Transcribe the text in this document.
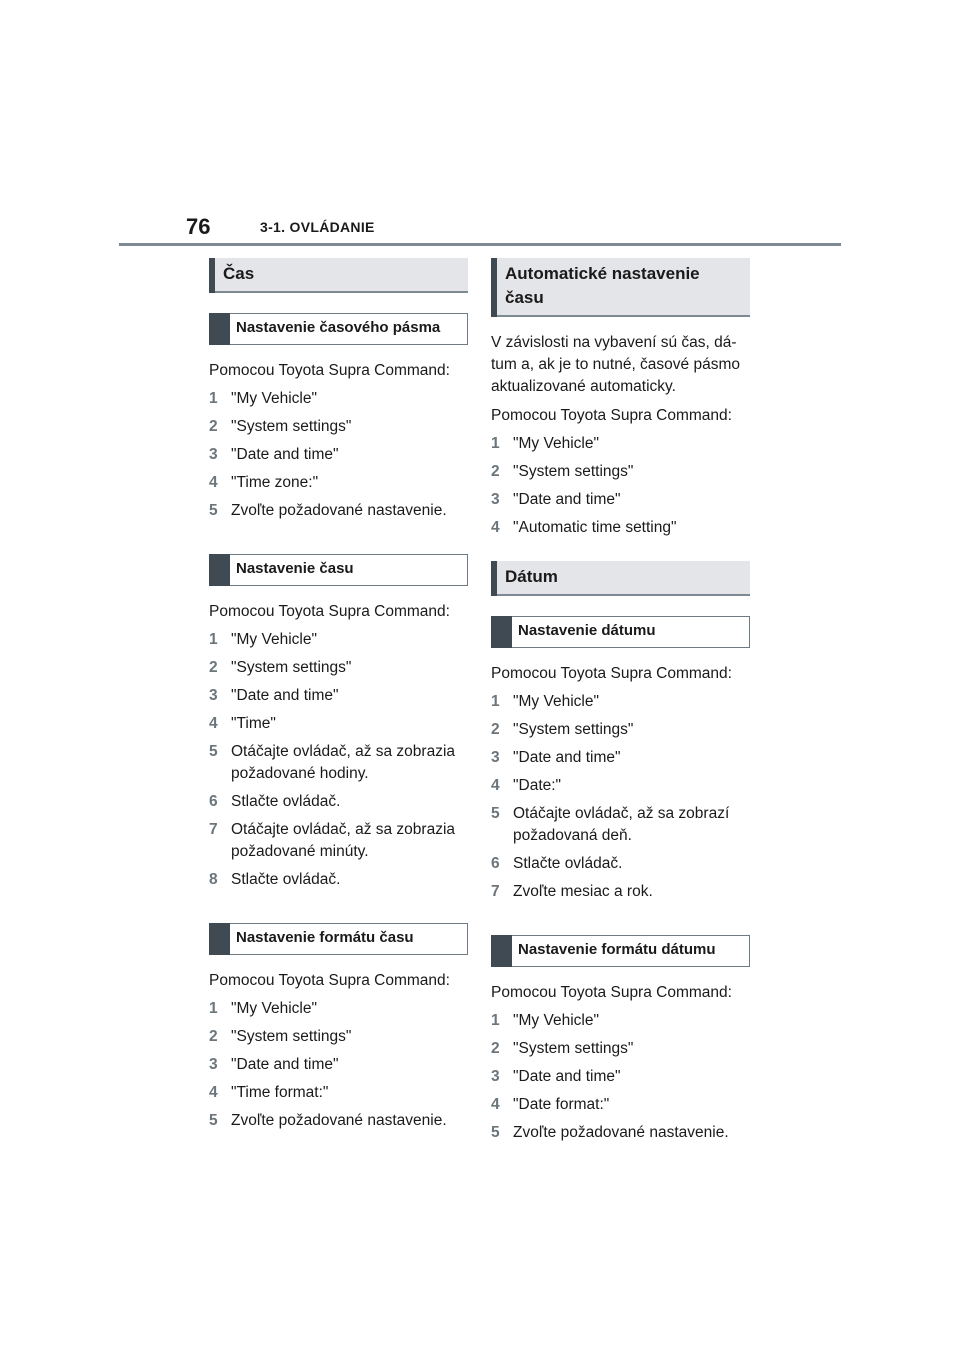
76	3-1. OVLÁDANIE
Čas
Nastavenie časového pásma

Pomocou Toyota Supra Command:

1 "My Vehicle"
2 "System settings"
3 "Date and time"
4 "Time zone:"
5 Zvoľte požadované nastavenie.
Nastavenie času

Pomocou Toyota Supra Command:

1 "My Vehicle"
2 "System settings"
3 "Date and time"
4 "Time"
5 Otáčajte ovládač, až sa zobrazia požadované hodiny.
6 Stlačte ovládač.
7 Otáčajte ovládač, až sa zobrazia požadované minúty.
8 Stlačte ovládač.
Nastavenie formátu času

Pomocou Toyota Supra Command:

1 "My Vehicle"
2 "System settings"
3 "Date and time"
4 "Time format:"
5 Zvoľte požadované nastavenie.
Automatické nastavenie času

V závislosti na vybavení sú čas, dá-tum a, ak je to nutné, časové pásmo aktualizované automaticky.

Pomocou Toyota Supra Command:

1 "My Vehicle"
2 "System settings"
3 "Date and time"
4 "Automatic time setting"
Dátum
Nastavenie dátumu

Pomocou Toyota Supra Command:

1 "My Vehicle"
2 "System settings"
3 "Date and time"
4 "Date:"
5 Otáčajte ovládač, až sa zobrazí požadovaná deň.
6 Stlačte ovládač.
7 Zvoľte mesiac a rok.
Nastavenie formátu dátumu

Pomocou Toyota Supra Command:

1 "My Vehicle"
2 "System settings"
3 "Date and time"
4 "Date format:"
5 Zvoľte požadované nastavenie.
